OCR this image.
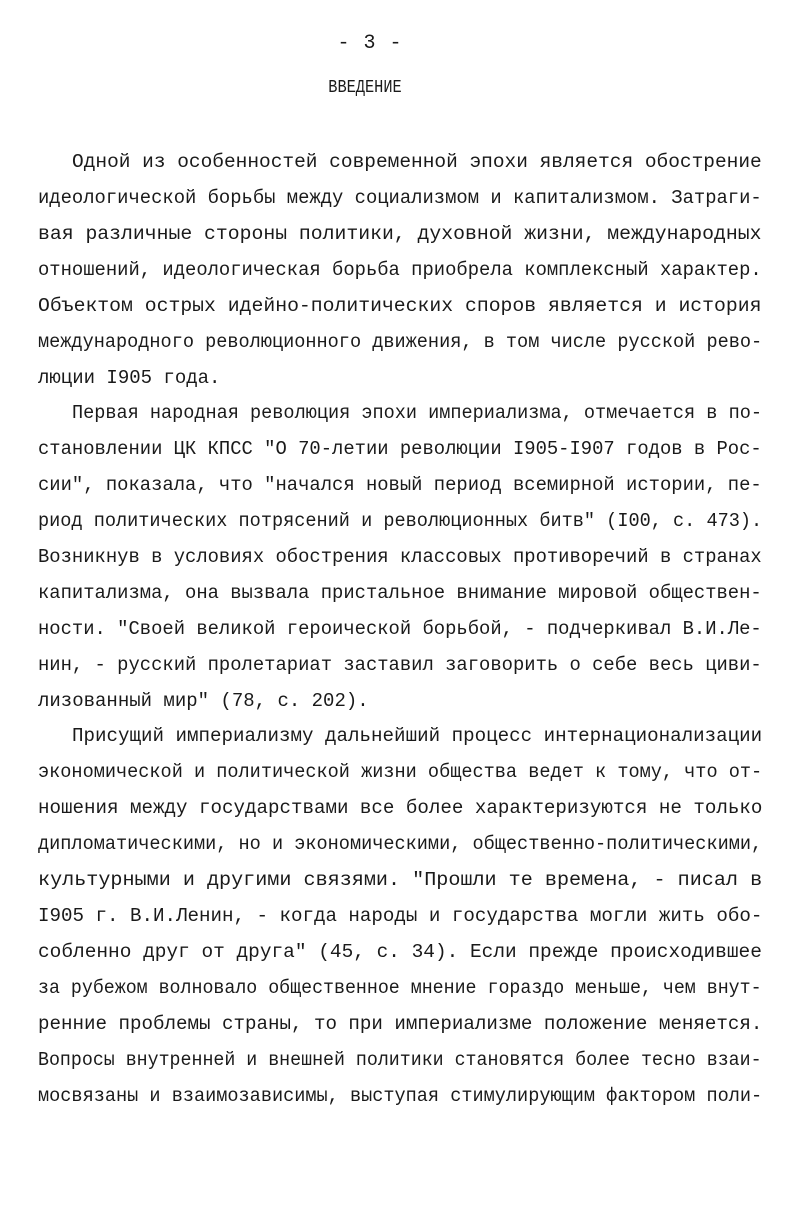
- 3 -
ВВЕДЕНИЕ
Одной из особенностей современной эпохи является обострение
идеологической борьбы между социализмом и капитализмом. Затраги-
вая различные стороны политики, духовной жизни, международных
отношений, идеологическая борьба приобрела комплексный характер.
Объектом острых идейно-политических споров является и история
международного революционного движения, в том числе русской рево-
люции I905 года.
Первая народная революция эпохи империализма, отмечается в по-
становлении ЦК КПСС "О 70-летии революции I905-I907 годов в Рос-
сии", показала, что "начался новый период всемирной истории, пе-
риод политических потрясений и революционных битв" (I00, с. 473).
Возникнув в условиях обострения классовых противоречий в странах
капитализма, она вызвала пристальное внимание мировой обществен-
ности. "Своей великой героической борьбой, - подчеркивал В.И.Ле-
нин, - русский пролетариат заставил заговорить о себе весь циви-
лизованный мир" (78, с. 202).
Присущий империализму дальнейший процесс интернационализации
экономической и политической жизни общества ведет к тому, что от-
ношения между государствами все более характеризуются не только
дипломатическими, но и экономическими, общественно-политическими,
культурными и другими связями. "Прошли те времена, - писал в
I905 г. В.И.Ленин, - когда народы и государства могли жить обо-
собленно друг от друга" (45, с. 34). Если прежде происходившее
за рубежом волновало общественное мнение гораздо меньше, чем внут-
ренние проблемы страны, то при империализме положение меняется.
Вопросы внутренней и внешней политики становятся более тесно взаи-
мосвязаны и взаимозависимы, выступая стимулирующим фактором поли-
